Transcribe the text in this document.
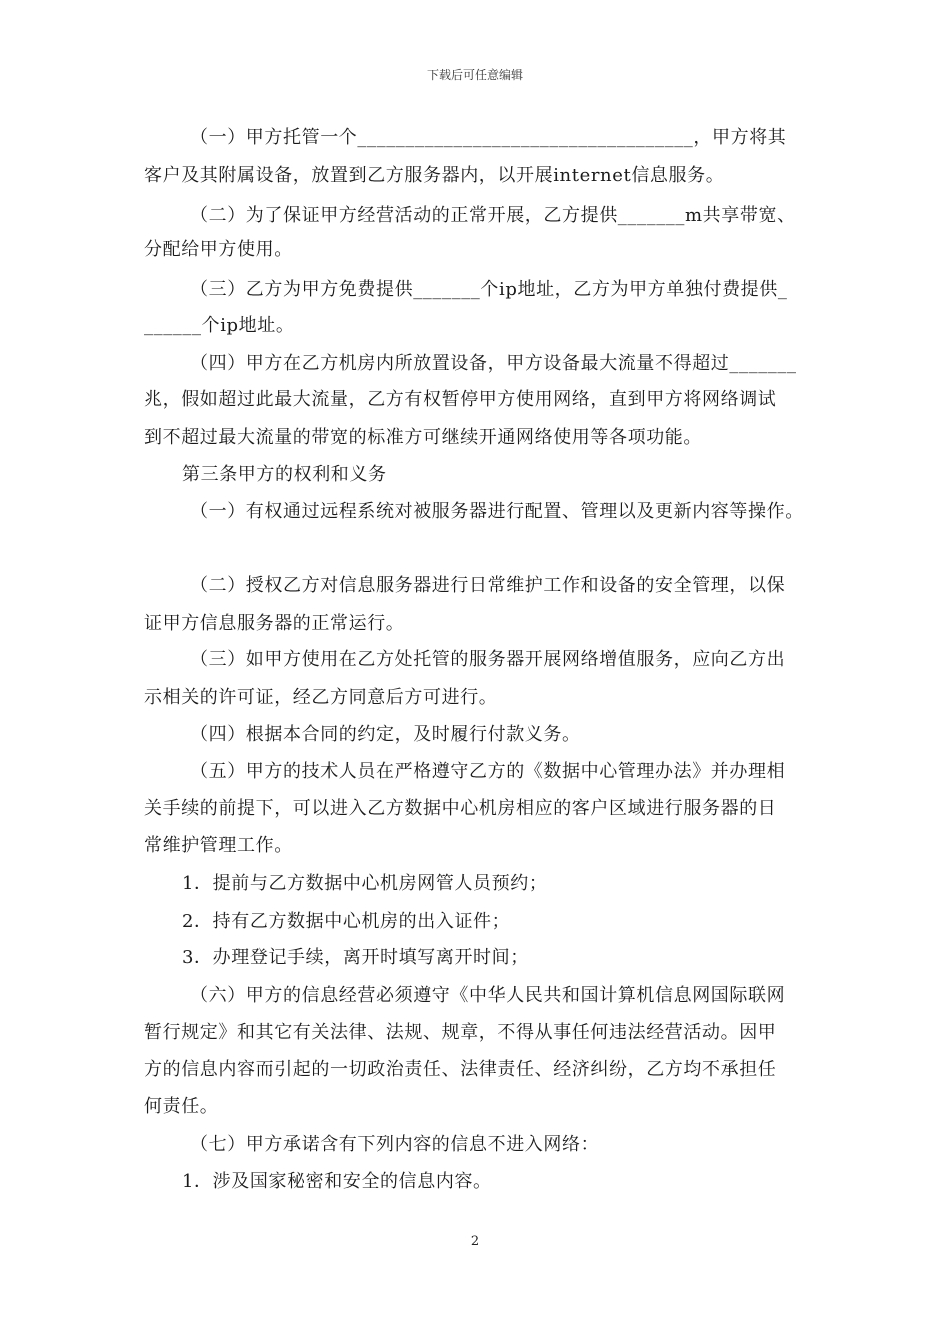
下载后可任意编辑
（一）甲方托管一个___________________________________，甲方将其
客户及其附属设备，放置到乙方服务器内，以开展internet信息服务。
（二）为了保证甲方经营活动的正常开展，乙方提供_______m共享带宽、
分配给甲方使用。
（三）乙方为甲方免费提供_______个ip地址，乙方为甲方单独付费提供_
______个ip地址。
（四）甲方在乙方机房内所放置设备，甲方设备最大流量不得超过_______
兆，假如超过此最大流量，乙方有权暂停甲方使用网络，直到甲方将网络调试
到不超过最大流量的带宽的标准方可继续开通网络使用等各项功能。
第三条甲方的权利和义务
（一）有权通过远程系统对被服务器进行配置、管理以及更新内容等操作。
（二）授权乙方对信息服务器进行日常维护工作和设备的安全管理，以保
证甲方信息服务器的正常运行。
（三）如甲方使用在乙方处托管的服务器开展网络增值服务，应向乙方出
示相关的许可证，经乙方同意后方可进行。
（四）根据本合同的约定，及时履行付款义务。
（五）甲方的技术人员在严格遵守乙方的《数据中心管理办法》并办理相
关手续的前提下，可以进入乙方数据中心机房相应的客户区域进行服务器的日
常维护管理工作。
1．提前与乙方数据中心机房网管人员预约；
2．持有乙方数据中心机房的出入证件；
3．办理登记手续，离开时填写离开时间；
（六）甲方的信息经营必须遵守《中华人民共和国计算机信息网国际联网
暂行规定》和其它有关法律、法规、规章，不得从事任何违法经营活动。因甲
方的信息内容而引起的一切政治责任、法律责任、经济纠纷，乙方均不承担任
何责任。
（七）甲方承诺含有下列内容的信息不进入网络：
1．涉及国家秘密和安全的信息内容。
2
